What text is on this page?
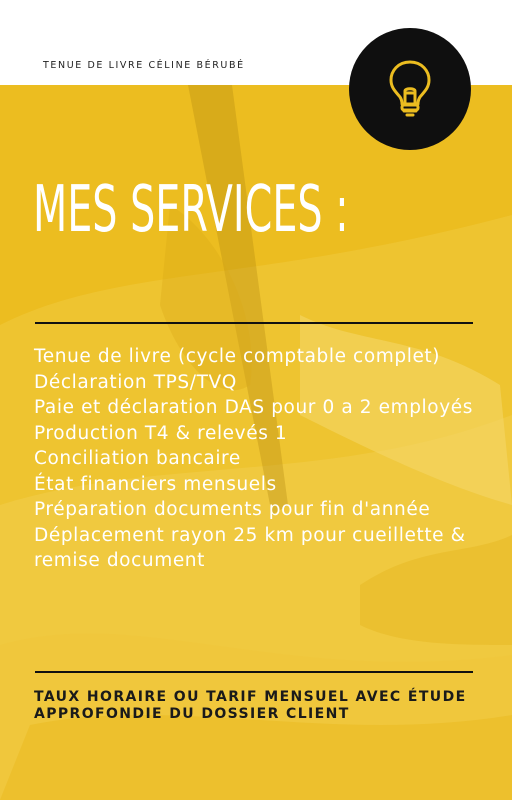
TENUE DE LIVRE CÉLINE BÉRUBÉ
MES SERVICES :
Tenue de livre (cycle comptable complet)
Déclaration TPS/TVQ
Paie et déclaration DAS pour 0 a 2 employés
Production T4 & relevés 1
Conciliation bancaire
État financiers mensuels
Préparation documents pour fin d'année
Déplacement rayon 25 km pour cueillette & remise document

TAUX HORAIRE OU TARIF MENSUEL AVEC ÉTUDE APPROFONDIE DU DOSSIER CLIENT
